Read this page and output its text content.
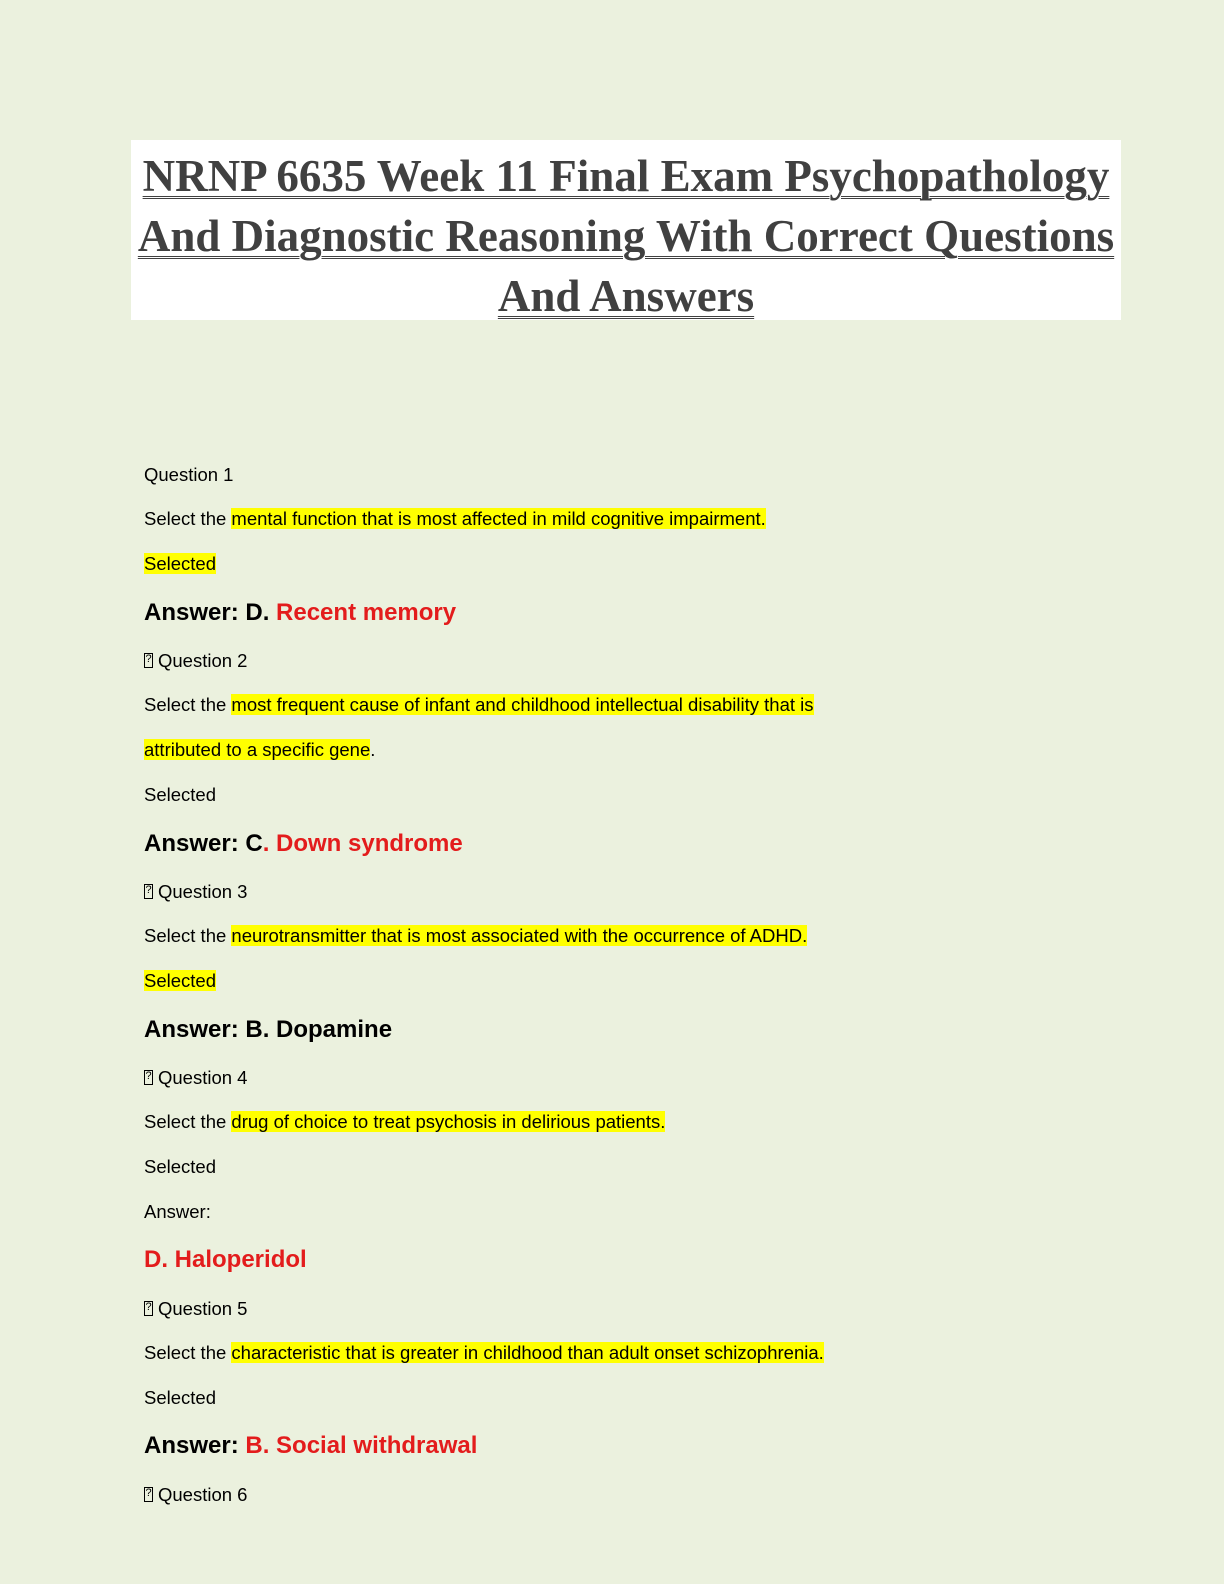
NRNP 6635 Week 11 Final Exam Psychopathology And Diagnostic Reasoning With Correct Questions And Answers
Question 1
Select the mental function that is most affected in mild cognitive impairment.
Selected
Answer: D. Recent memory
?Question 2
Select the most frequent cause of infant and childhood intellectual disability that is
attributed to a specific gene.
Selected
Answer: C. Down syndrome
?Question 3
Select the neurotransmitter that is most associated with the occurrence of ADHD.
Selected
Answer: B. Dopamine
?Question 4
Select the drug of choice to treat psychosis in delirious patients.
Selected
Answer:
D. Haloperidol
?Question 5
Select the characteristic that is greater in childhood than adult onset schizophrenia.
Selected
Answer: B. Social withdrawal
?Question 6
